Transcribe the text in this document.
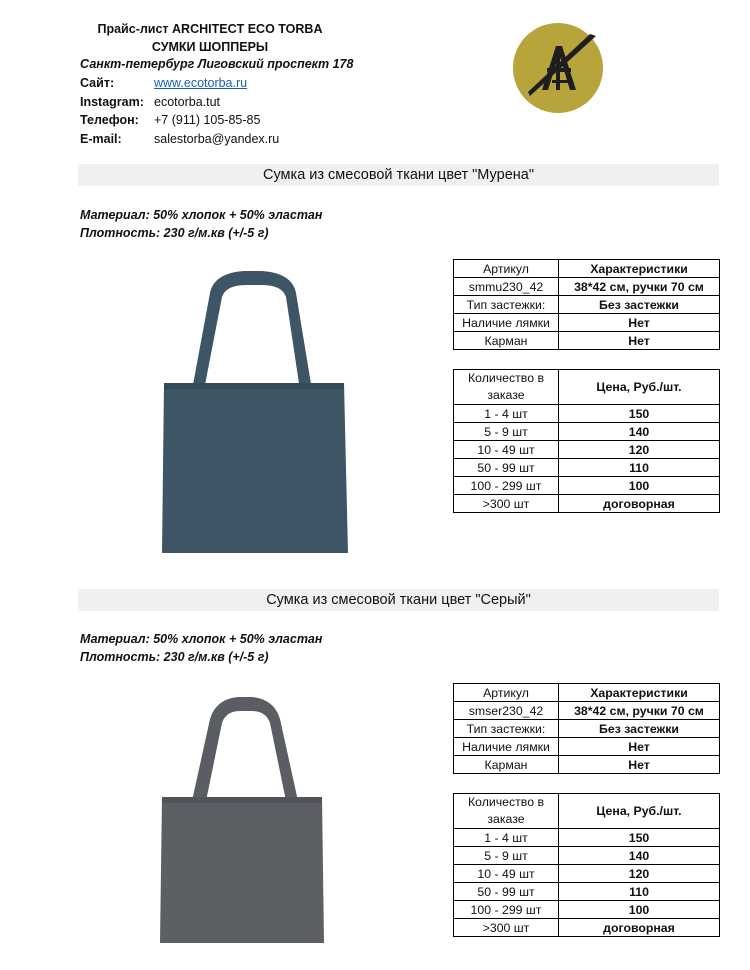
Прайс-лист ARCHITECT ECO TORBA
СУМКИ ШОППЕРЫ
Санкт-петербург Лиговский проспект 178
Сайт:	www.ecotorba.ru
Instagram: ecotorba.tut
Телефон: +7 (911) 105-85-85
E-mail:	salestorba@yandex.ru
Сумка из смесовой ткани цвет "Мурена"
Материал: 50% хлопок + 50% эластан
Плотность: 230 г/м.кв (+/-5 г)
Артикул	Характеристики
smmu230_42	38*42 см, ручки 70 см
Тип застежки:	Без застежки
Наличие лямки	Нет
Карман	Нет
Количество в заказе	Цена, Руб./шт.
1 - 4 шт	150
5 - 9 шт	140
10 - 49 шт	120
50 - 99 шт	110
100 - 299 шт	100
>300 шт	договорная
Сумка из смесовой ткани цвет "Серый"
Материал: 50% хлопок + 50% эластан
Плотность: 230 г/м.кв (+/-5 г)
Артикул	Характеристики
smser230_42	38*42 см, ручки 70 см
Тип застежки:	Без застежки
Наличие лямки	Нет
Карман	Нет
Количество в заказе	Цена, Руб./шт.
1 - 4 шт	150
5 - 9 шт	140
10 - 49 шт	120
50 - 99 шт	110
100 - 299 шт	100
>300 шт	договорная
